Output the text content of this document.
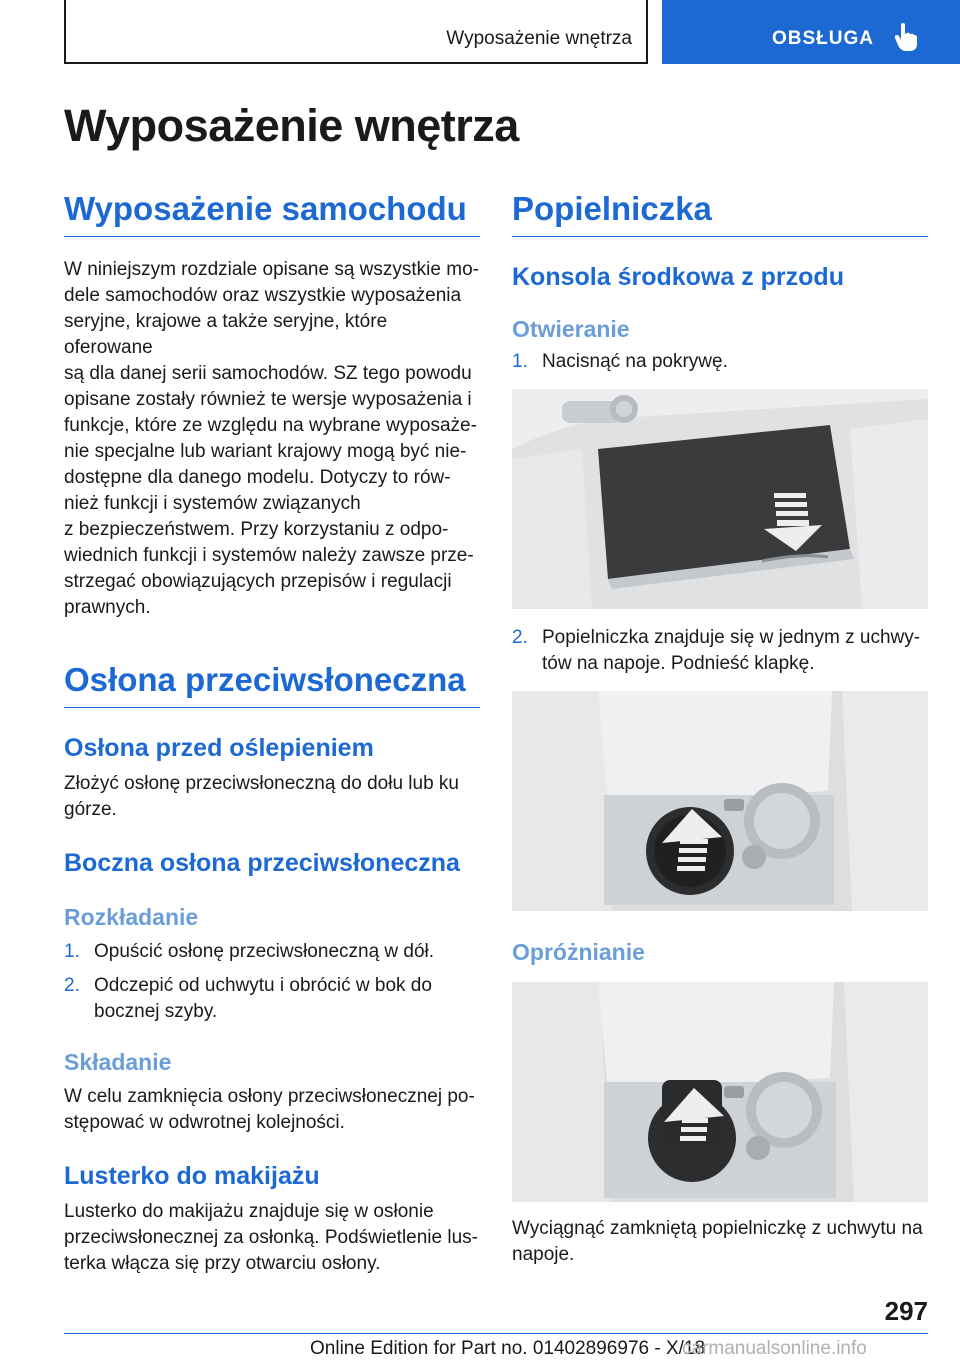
Wyposażenie wnętrza	OBSŁUGA
Wyposażenie wnętrza
Wyposażenie samochodu
W niniejszym rozdziale opisane są wszystkie mo-
dele samochodów oraz wszystkie wyposażenia
seryjne, krajowe a także seryjne, które oferowane
są dla danej serii samochodów. SZ tego powodu
opisane zostały również te wersje wyposażenia i
funkcje, które ze względu na wybrane wyposaże-
nie specjalne lub wariant krajowy mogą być nie-
dostępne dla danego modelu. Dotyczy to rów-
nież funkcji i systemów związanych
z bezpieczeństwem. Przy korzystaniu z odpo-
wiednich funkcji i systemów należy zawsze prze-
strzegać obowiązujących przepisów i regulacji
prawnych.
Osłona przeciwsłoneczna
Osłona przed oślepieniem
Złożyć osłonę przeciwsłoneczną do dołu lub ku
górze.
Boczna osłona przeciwsłoneczna
Rozkładanie
1. Opuścić osłonę przeciwsłoneczną w dół.
2. Odczepić od uchwytu i obrócić w bok do
bocznej szyby.
Składanie
W celu zamknięcia osłony przeciwsłonecznej po-
stępować w odwrotnej kolejności.
Lusterko do makijażu
Lusterko do makijażu znajduje się w osłonie
przeciwsłonecznej za osłonką. Podświetlenie lus-
terka włącza się przy otwarciu osłony.
Popielniczka
Konsola środkowa z przodu
Otwieranie
1. Nacisnąć na pokrywę.
2. Popielniczka znajduje się w jednym z uchwy-
tów na napoje. Podnieść klapkę.
Opróżnianie
Wyciągnąć zamkniętą popielniczkę z uchwytu na
napoje.
297
Online Edition for Part no. 01402896976 - X/18
carmanualsonline.info
